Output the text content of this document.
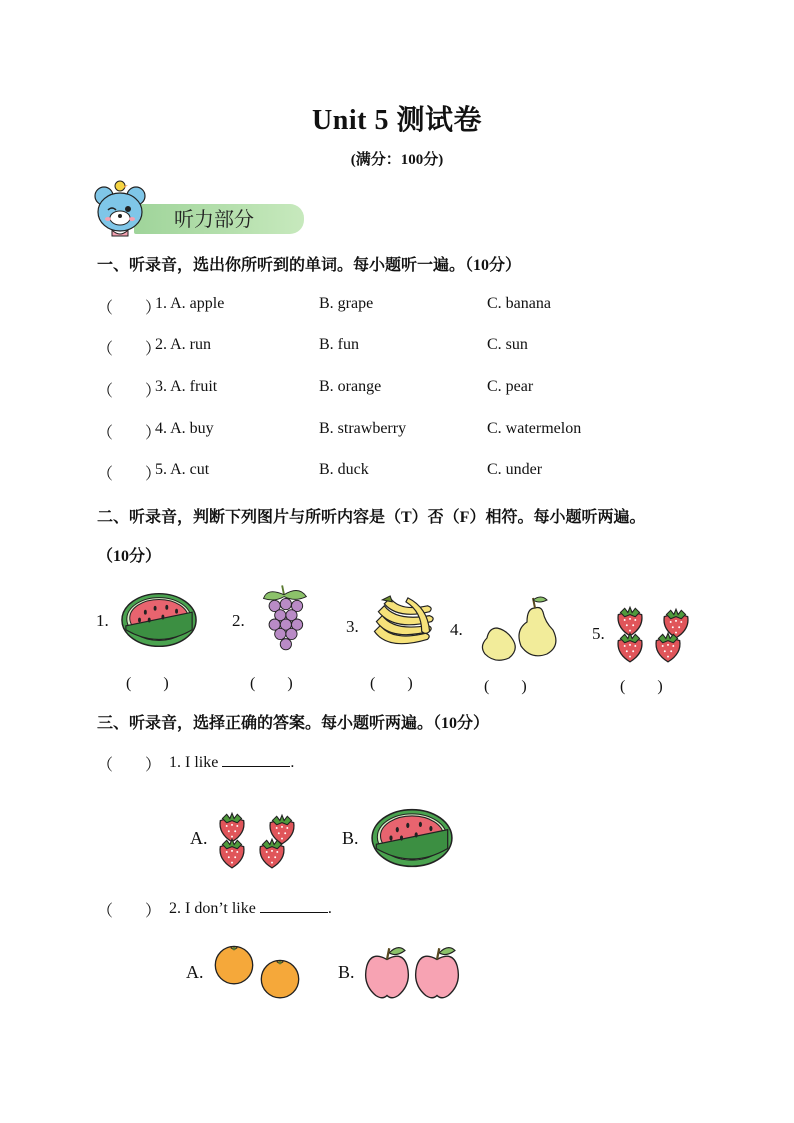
Unit 5 测试卷
(满分：100分)
听力部分
一、听录音，选出你所听到的单词。每小题听一遍。（10分）
（　　）
1. A. apple	B. grape	C. banana
（　　）
2. A. run	B. fun	C. sun
（　　）
3. A. fruit	B. orange	C. pear
（　　）
4. A. buy	B. strawberry	C. watermelon
（　　）
5. A. cut	B. duck	C. under
二、听录音，判断下列图片与所听内容是（T）否（F）相符。每小题听两遍。
（10分）
1.
(　　)
2.
(　　)
3.
(　　)
4.
(　　)
5.
(　　)
三、听录音，选择正确的答案。每小题听两遍。（10分）
（　　） 1. I like	.
A.	B.
（　　） 2. I don’t like	.
A.	B.
